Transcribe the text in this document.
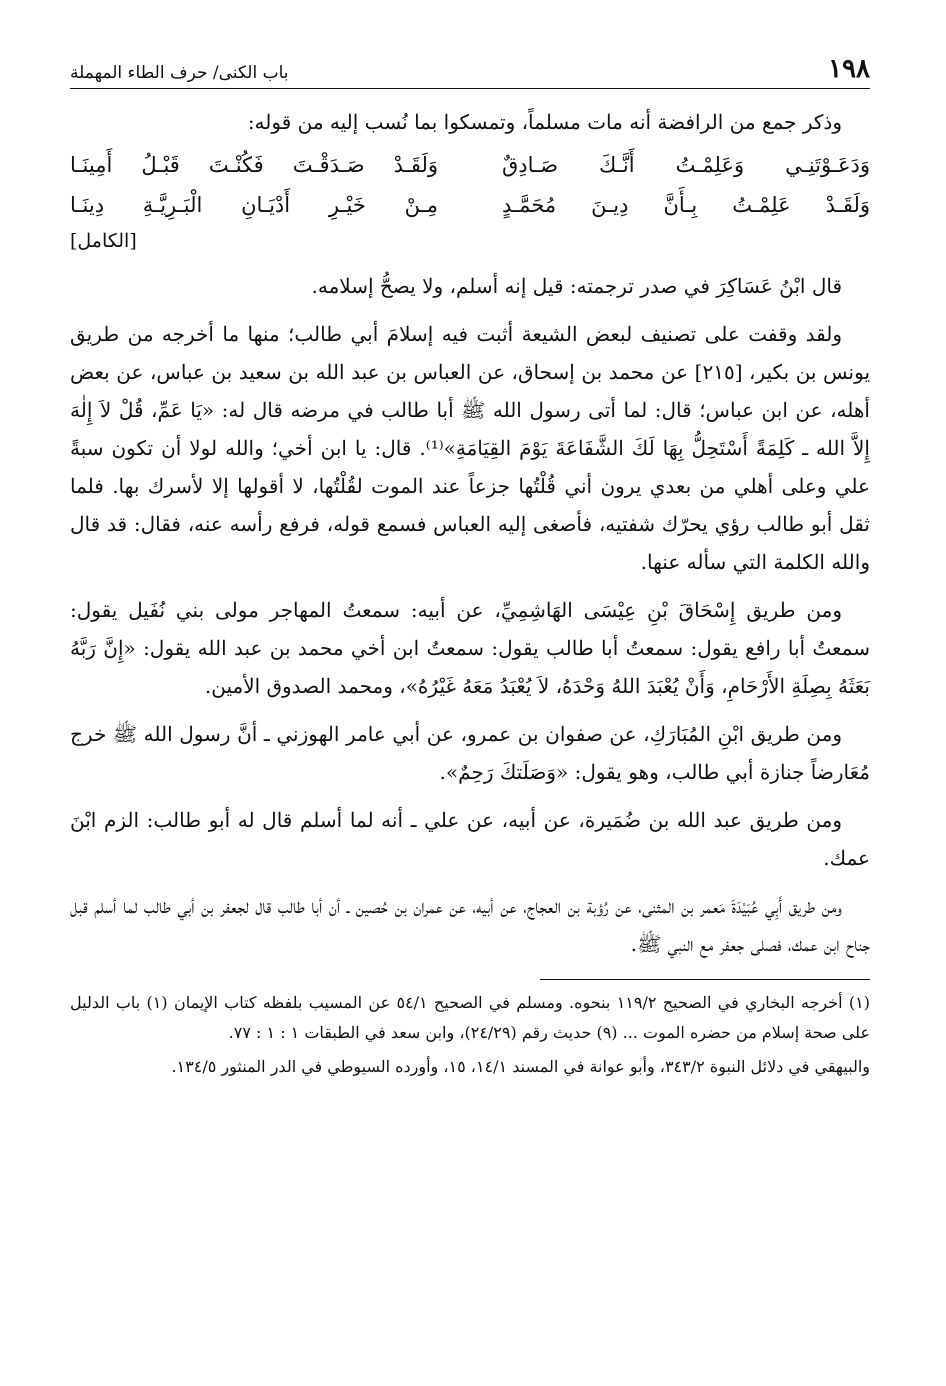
١٩٨
باب الكنى/ حرف الطاء المهملة

وذكر جمع من الرافضة أنه مات مسلماً، وتمسكوا بما نُسب إليه من قوله:

وَدَعَـوْتَنِـي وَعَلِمْـتُ أَنَّـكَ صَـادِقٌ
وَلَقَـدْ صَـدَقْـتَ فَكُنْـتَ قَبْـلُ أَمِينَـا
وَلَقَـدْ عَلِمْـتُ بِـأَنَّ دِيـنَ مُحَمَّـدٍ
مِـنْ خَيْـرِ أَدْيَـانِ الْبَـرِيَّـةِ دِينَـا
[الكامل]

قال ابْنُ عَسَاكِرَ في صدر ترجمته: قيل إنه أسلم، ولا يصحُّ إسلامه.

ولقد وقفت على تصنيف لبعض الشيعة أثبت فيه إسلامَ أبي طالب؛ منها ما أخرجه من طريق يونس بن بكير، [٢١٥] عن محمد بن إسحاق، عن العباس بن عبد الله بن سعيد بن عباس، عن بعض أهله، عن ابن عباس؛ قال: لما أتى رسول الله ﷺ أبا طالب في مرضه قال له: «يَا عَمِّ، قُلْ لاَ إِلٰهَ إِلاَّ الله ـ كَلِمَةً أَسْتَحِلُّ بِهَا لَكَ الشَّفَاعَةَ يَوْمَ القِيَامَةِ»⁽¹⁾. قال: يا ابن أخي؛ والله لولا أن تكون سبةً علي وعلى أهلي من بعدي يرون أني قُلْتُها جزعاً عند الموت لقُلْتُها، لا أقولها إلا لأسرك بها. فلما ثقل أبو طالب رؤي يحرّك شفتيه، فأصغى إليه العباس فسمع قوله، فرفع رأسه عنه، فقال: قد قال والله الكلمة التي سأله عنها.

ومن طريق إِسْحَاقَ بْنِ عِيْسَى الهَاشِمِيِّ، عن أبيه: سمعتُ المهاجر مولى بني نُفَيل يقول: سمعتُ أبا رافع يقول: سمعتُ أبا طالب يقول: سمعتُ ابن أخي محمد بن عبد الله يقول: «إِنَّ رَبَّهُ بَعَثَهُ بِصِلَةِ الأَرْحَامِ، وَأَنْ يُعْبَدَ اللهُ وَحْدَهُ، لاَ يُعْبَدُ مَعَهُ غَيْرُهُ»، ومحمد الصدوق الأمين.

ومن طريق ابْنِ المُبَارَكِ، عن صفوان بن عمرو، عن أبي عامر الهوزني ـ أنَّ رسول الله ﷺ خرج مُعَارضاً جنازة أبي طالب، وهو يقول: «وَصَلَتكَ رَحِمٌ».

ومن طريق عبد الله بن ضُمَيرة، عن أبيه، عن علي ـ أنه لما أسلم قال له أبو طالب: الزم ابْنَ عمك.

ومن طريق أَبِي عُبَيْدَةَ مَعمر بن المثنى، عن رُؤبة بن العجاج، عن أبيه، عن عمران بن حُصين ـ أن أبا طالب قال لجعفر بن أبي طالب لما أسلم قبل جناح ابن عمك، فصلى جعفر مع النبي ﷺ.

(١) أخرجه البخاري في الصحيح ١١٩/٢ بنحوه. ومسلم في الصحيح ٥٤/١ عن المسيب بلفظه كتاب الإيمان (١) باب الدليل على صحة إسلام من حضره الموت ... (٩) حديث رقم (٢٤/٢٩)، وابن سعد في الطبقات ١ : ١ : ٧٧.

والبيهقي في دلائل النبوة ٣٤٣/٢، وأبو عوانة في المسند ١٤/١، ١٥، وأورده السيوطي في الدر المنثور ١٣٤/٥.
